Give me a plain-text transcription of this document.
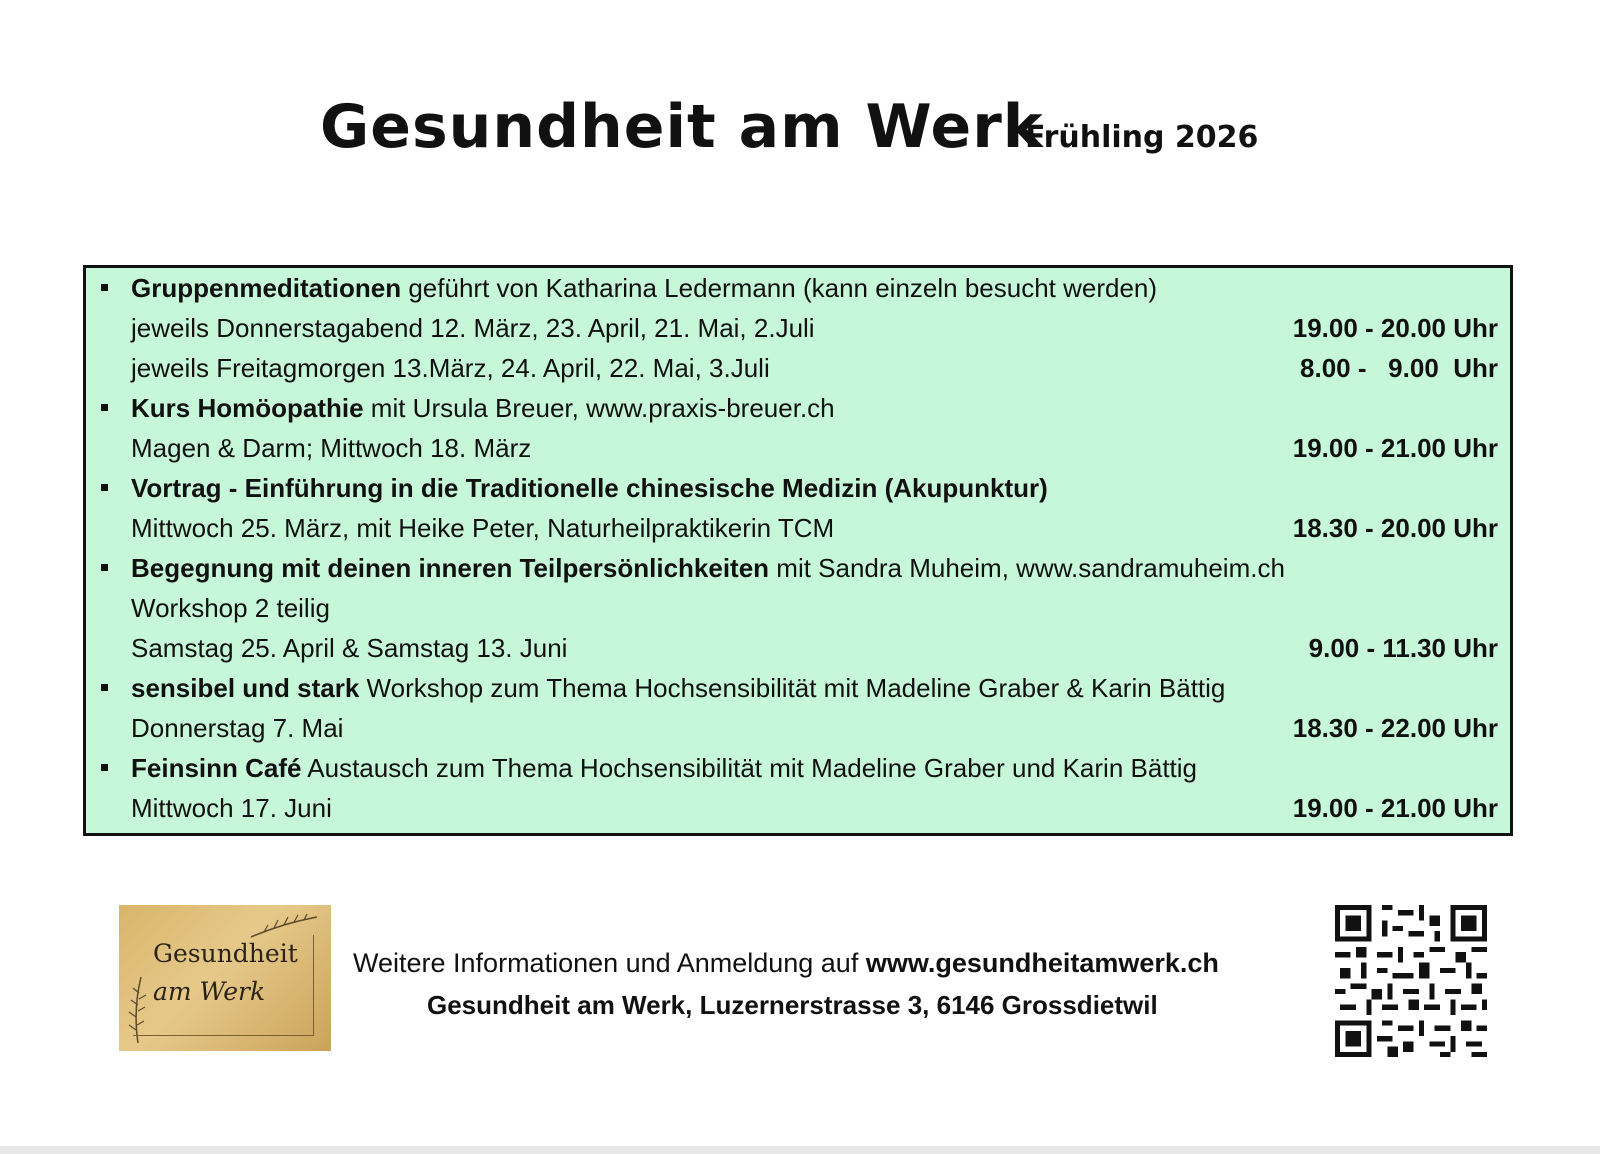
Gesundheit am Werk
Frühling 2026
Gruppenmeditationen geführt von Katharina Ledermann (kann einzeln besucht werden)
jeweils Donnerstagabend 12. März, 23. April, 21. Mai, 2.Juli	19.00 - 20.00 Uhr
jeweils Freitagmorgen 13.März, 24. April, 22. Mai, 3.Juli	8.00 -   9.00  Uhr
Kurs Homöopathie mit Ursula Breuer, www.praxis-breuer.ch
Magen & Darm; Mittwoch 18. März	19.00 - 21.00 Uhr
Vortrag - Einführung in die Traditionelle chinesische Medizin (Akupunktur)
Mittwoch 25. März, mit Heike Peter, Naturheilpraktikerin TCM	18.30 - 20.00 Uhr
Begegnung mit deinen inneren Teilpersönlichkeiten mit Sandra Muheim, www.sandramuheim.ch
Workshop 2 teilig
Samstag 25. April & Samstag 13. Juni	9.00 - 11.30 Uhr
sensibel und stark Workshop zum Thema Hochsensibilität mit Madeline Graber & Karin Bättig
Donnerstag 7. Mai	18.30 - 22.00 Uhr
Feinsinn Café Austausch zum Thema Hochsensibilität mit Madeline Graber und Karin Bättig
Mittwoch 17. Juni	19.00 - 21.00 Uhr
Gesundheit
am Werk
Weitere Informationen und Anmeldung auf www.gesundheitamwerk.ch
Gesundheit am Werk, Luzernerstrasse 3, 6146 Grossdietwil
